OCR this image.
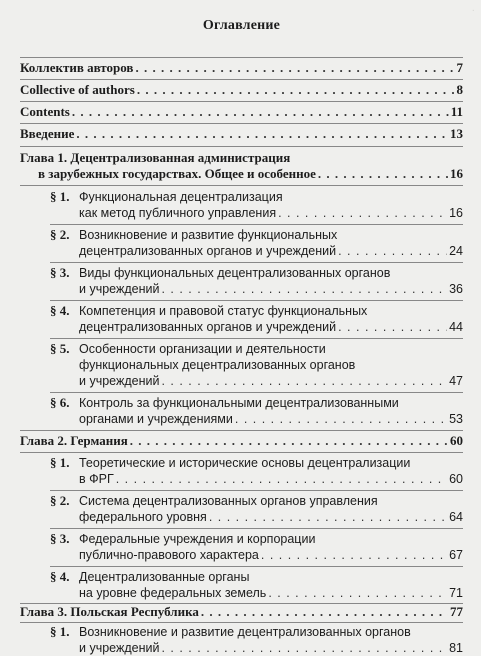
·
Оглавление
Коллектив авторов . . .	7
Collective of authors . . .	8
Contents . . .	11
Введение . . .	13
Глава 1. Децентрализованная администрация
в зарубежных государствах. Общее и особенное . . .	16
§ 1. Функциональная децентрализация
как метод публичного управления . . .	16
§ 2. Возникновение и развитие функциональных
децентрализованных органов и учреждений . . .	24
§ 3. Виды функциональных децентрализованных органов
и учреждений . . .	36
§ 4. Компетенция и правовой статус функциональных
децентрализованных органов и учреждений . . .	44
§ 5. Особенности организации и деятельности
функциональных децентрализованных органов
и учреждений . . .	47
§ 6. Контроль за функциональными децентрализованными
органами и учреждениями . . .	53
Глава 2. Германия . . .	60
§ 1. Теоретические и исторические основы децентрализации
в ФРГ . . .	60
§ 2. Система децентрализованных органов управления
федерального уровня . . .	64
§ 3. Федеральные учреждения и корпорации
публично-правового характера . . .	67
§ 4. Децентрализованные органы
на уровне федеральных земель . . .	71
Глава 3. Польская Республика . . .	77
§ 1. Возникновение и развитие децентрализованных органов
и учреждений . . .	81
